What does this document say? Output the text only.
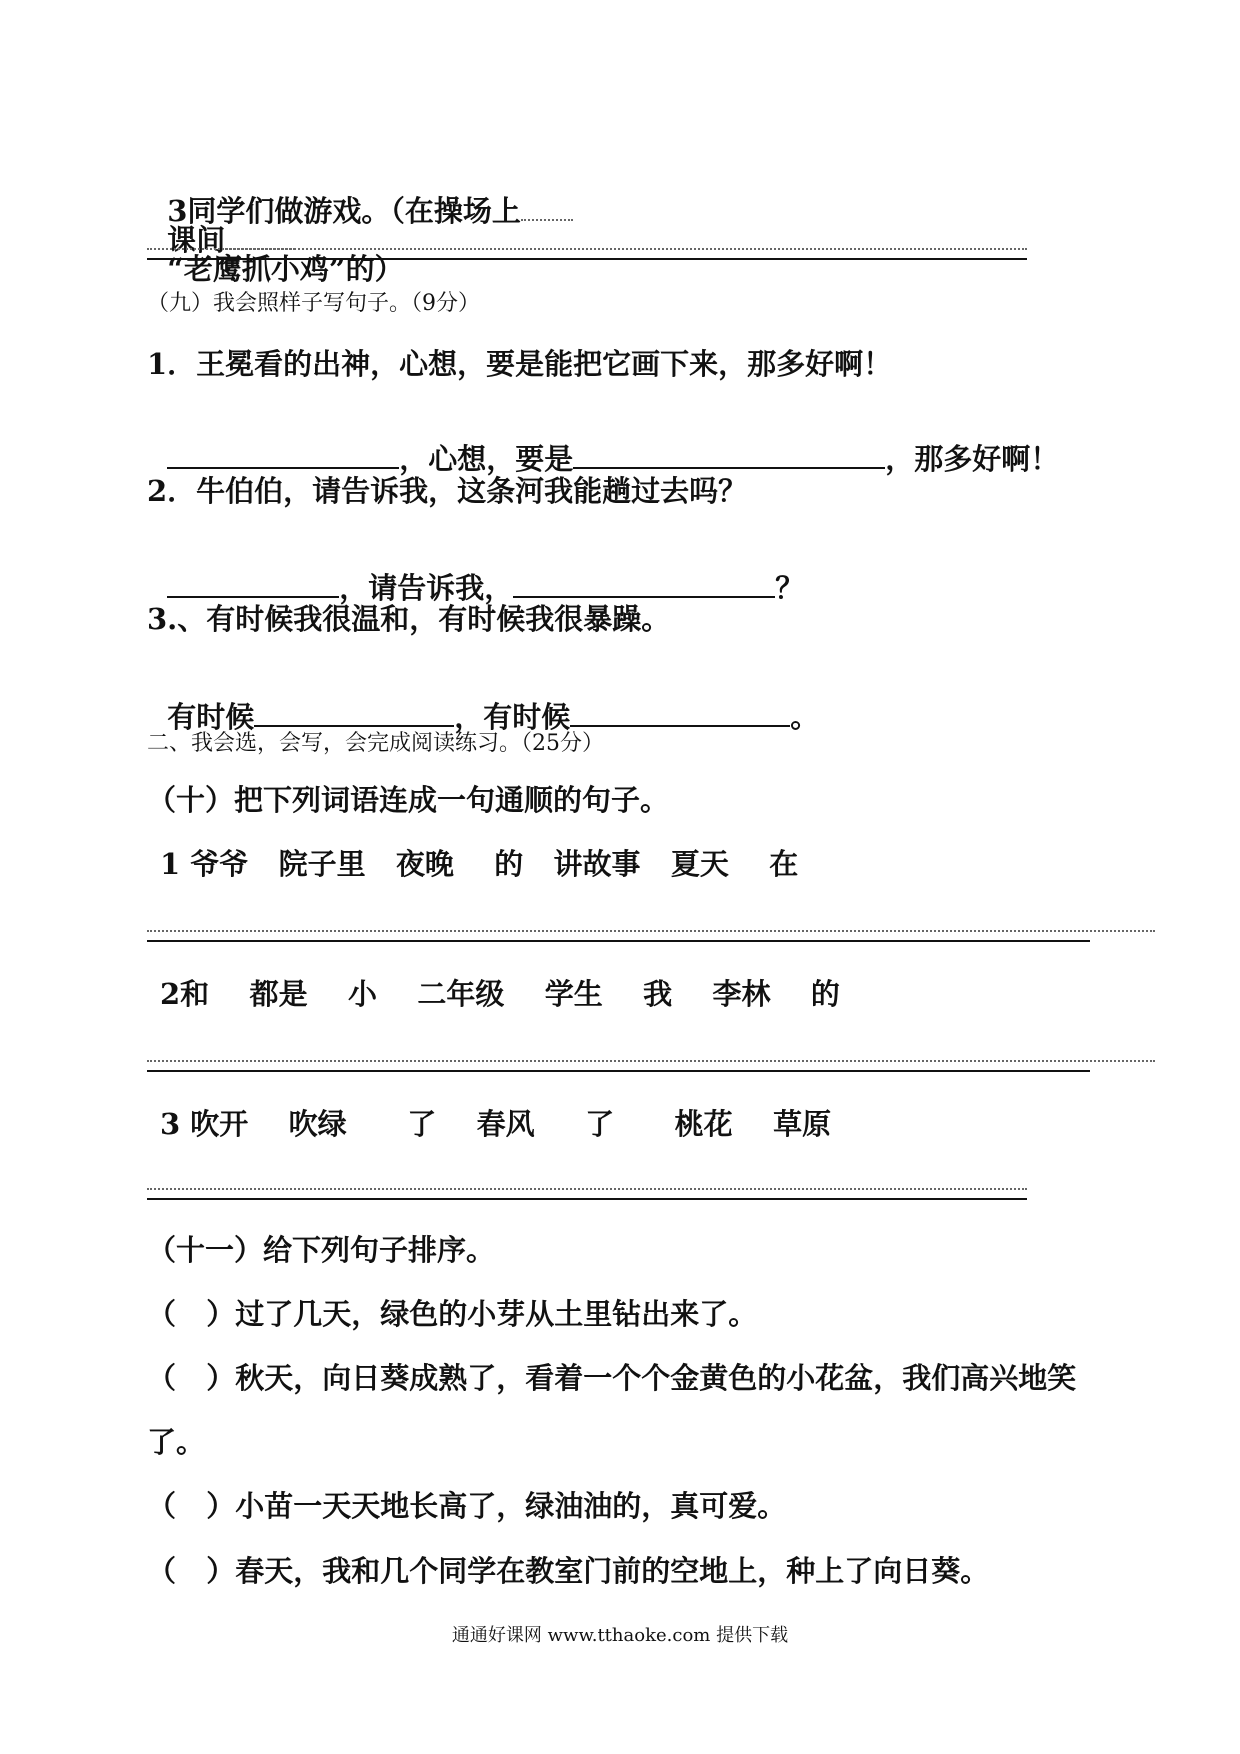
3同学们做游戏。（在操场上
课间
“老鹰抓小鸡”的）

（九）我会照样子写句子。（9分）
1．王冕看的出神，心想，要是能把它画下来，那多好啊！

，心想，要是	，那多好啊！

2．牛伯伯，请告诉我，这条河我能趟过去吗？

，请告诉我，	？

3.、有时候我很温和，有时候我很暴躁。

有时候	，有时候	。

二、我会选，会写，会完成阅读练习。（25分）
（十）把下列词语连成一句通顺的句子。
1 爷爷   院子里   夜晚    的   讲故事   夏天    在
2和    都是    小    二年级    学生    我    李林    的
3 吹开    吹绿      了    春风     了      桃花    草原
（十一）给下列句子排序。
（   ）过了几天，绿色的小芽从土里钻出来了。
（   ）秋天，向日葵成熟了，看着一个个金黄色的小花盆，我们高兴地笑
了。
（   ）小苗一天天地长高了，绿油油的，真可爱。
（   ）春天，我和几个同学在教室门前的空地上，种上了向日葵。
通通好课网 www.tthaoke.com 提供下载
